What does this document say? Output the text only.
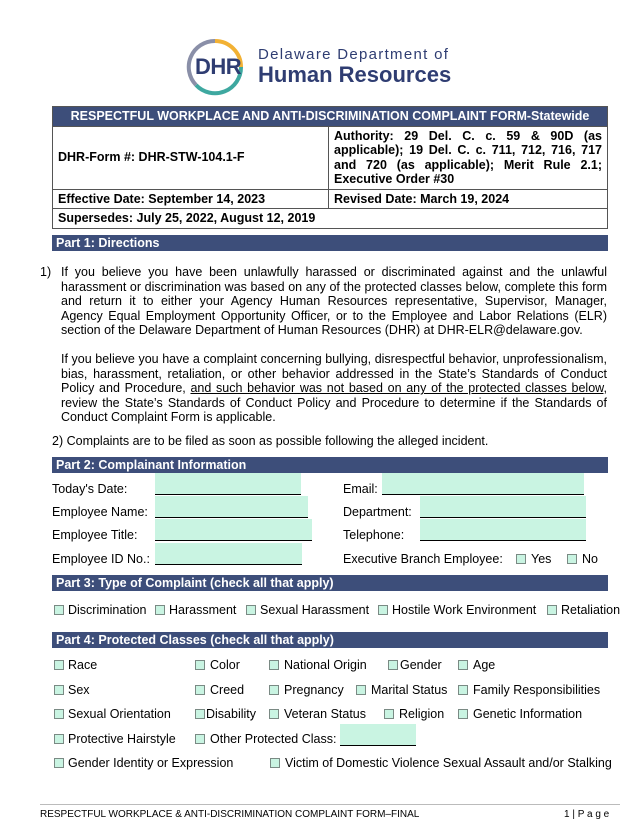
DHR Delaware Department of
Human Resources
RESPECTFUL WORKPLACE AND ANTI-DISCRIMINATION COMPLAINT FORM-Statewide	
DHR-Form #: DHR-STW-104.1-F	Authority: 29 Del. C. c. 59 & 90D (as applicable); 19 Del. C. c. 711, 712, 716, 717 and 720 (as applicable); Merit Rule 2.1; Executive Order #30
Effective Date: September 14, 2023	Revised Date: March 19, 2024
Supersedes: July 25, 2022, August 12, 2019	
Part 1: Directions
1) If you believe you have been unlawfully harassed or discriminated against and the unlawful harassment or discrimination was based on any of the protected classes below, complete this form and return it to either your Agency Human Resources representative, Supervisor, Manager, Agency Equal Employment Opportunity Officer, or to the Employee and Labor Relations (ELR) section of the Delaware Department of Human Resources (DHR) at DHR-ELR@delaware.gov.

If you believe you have a complaint concerning bullying, disrespectful behavior, unprofessionalism, bias, harassment, retaliation, or other behavior addressed in the State’s Standards of Conduct Policy and Procedure, and such behavior was not based on any of the protected classes below, review the State’s Standards of Conduct Policy and Procedure to determine if the Standards of Conduct Complaint Form is applicable.

2) Complaints are to be filed as soon as possible following the alleged incident.
Part 2: Complainant Information
Today's Date:	Email:
Employee Name:	Department:
Employee Title:	Telephone:
Employee ID No.:	Executive Branch Employee: Yes No
Part 3: Type of Complaint (check all that apply)
Discrimination Harassment Sexual Harassment Hostile Work Environment Retaliation
Part 4: Protected Classes (check all that apply)
Race	Color	National Origin	Gender	Age
Sex	Creed	Pregnancy Marital Status Family Responsibilities
Sexual Orientation	Disability Veteran Status	Religion Genetic Information
Protective Hairstyle	Other Protected Class:
Gender Identity or Expression	Victim of Domestic Violence Sexual Assault and/or Stalking
RESPECTFUL WORKPLACE & ANTI-DISCRIMINATION COMPLAINT FORM–FINAL	1 | P a g e
